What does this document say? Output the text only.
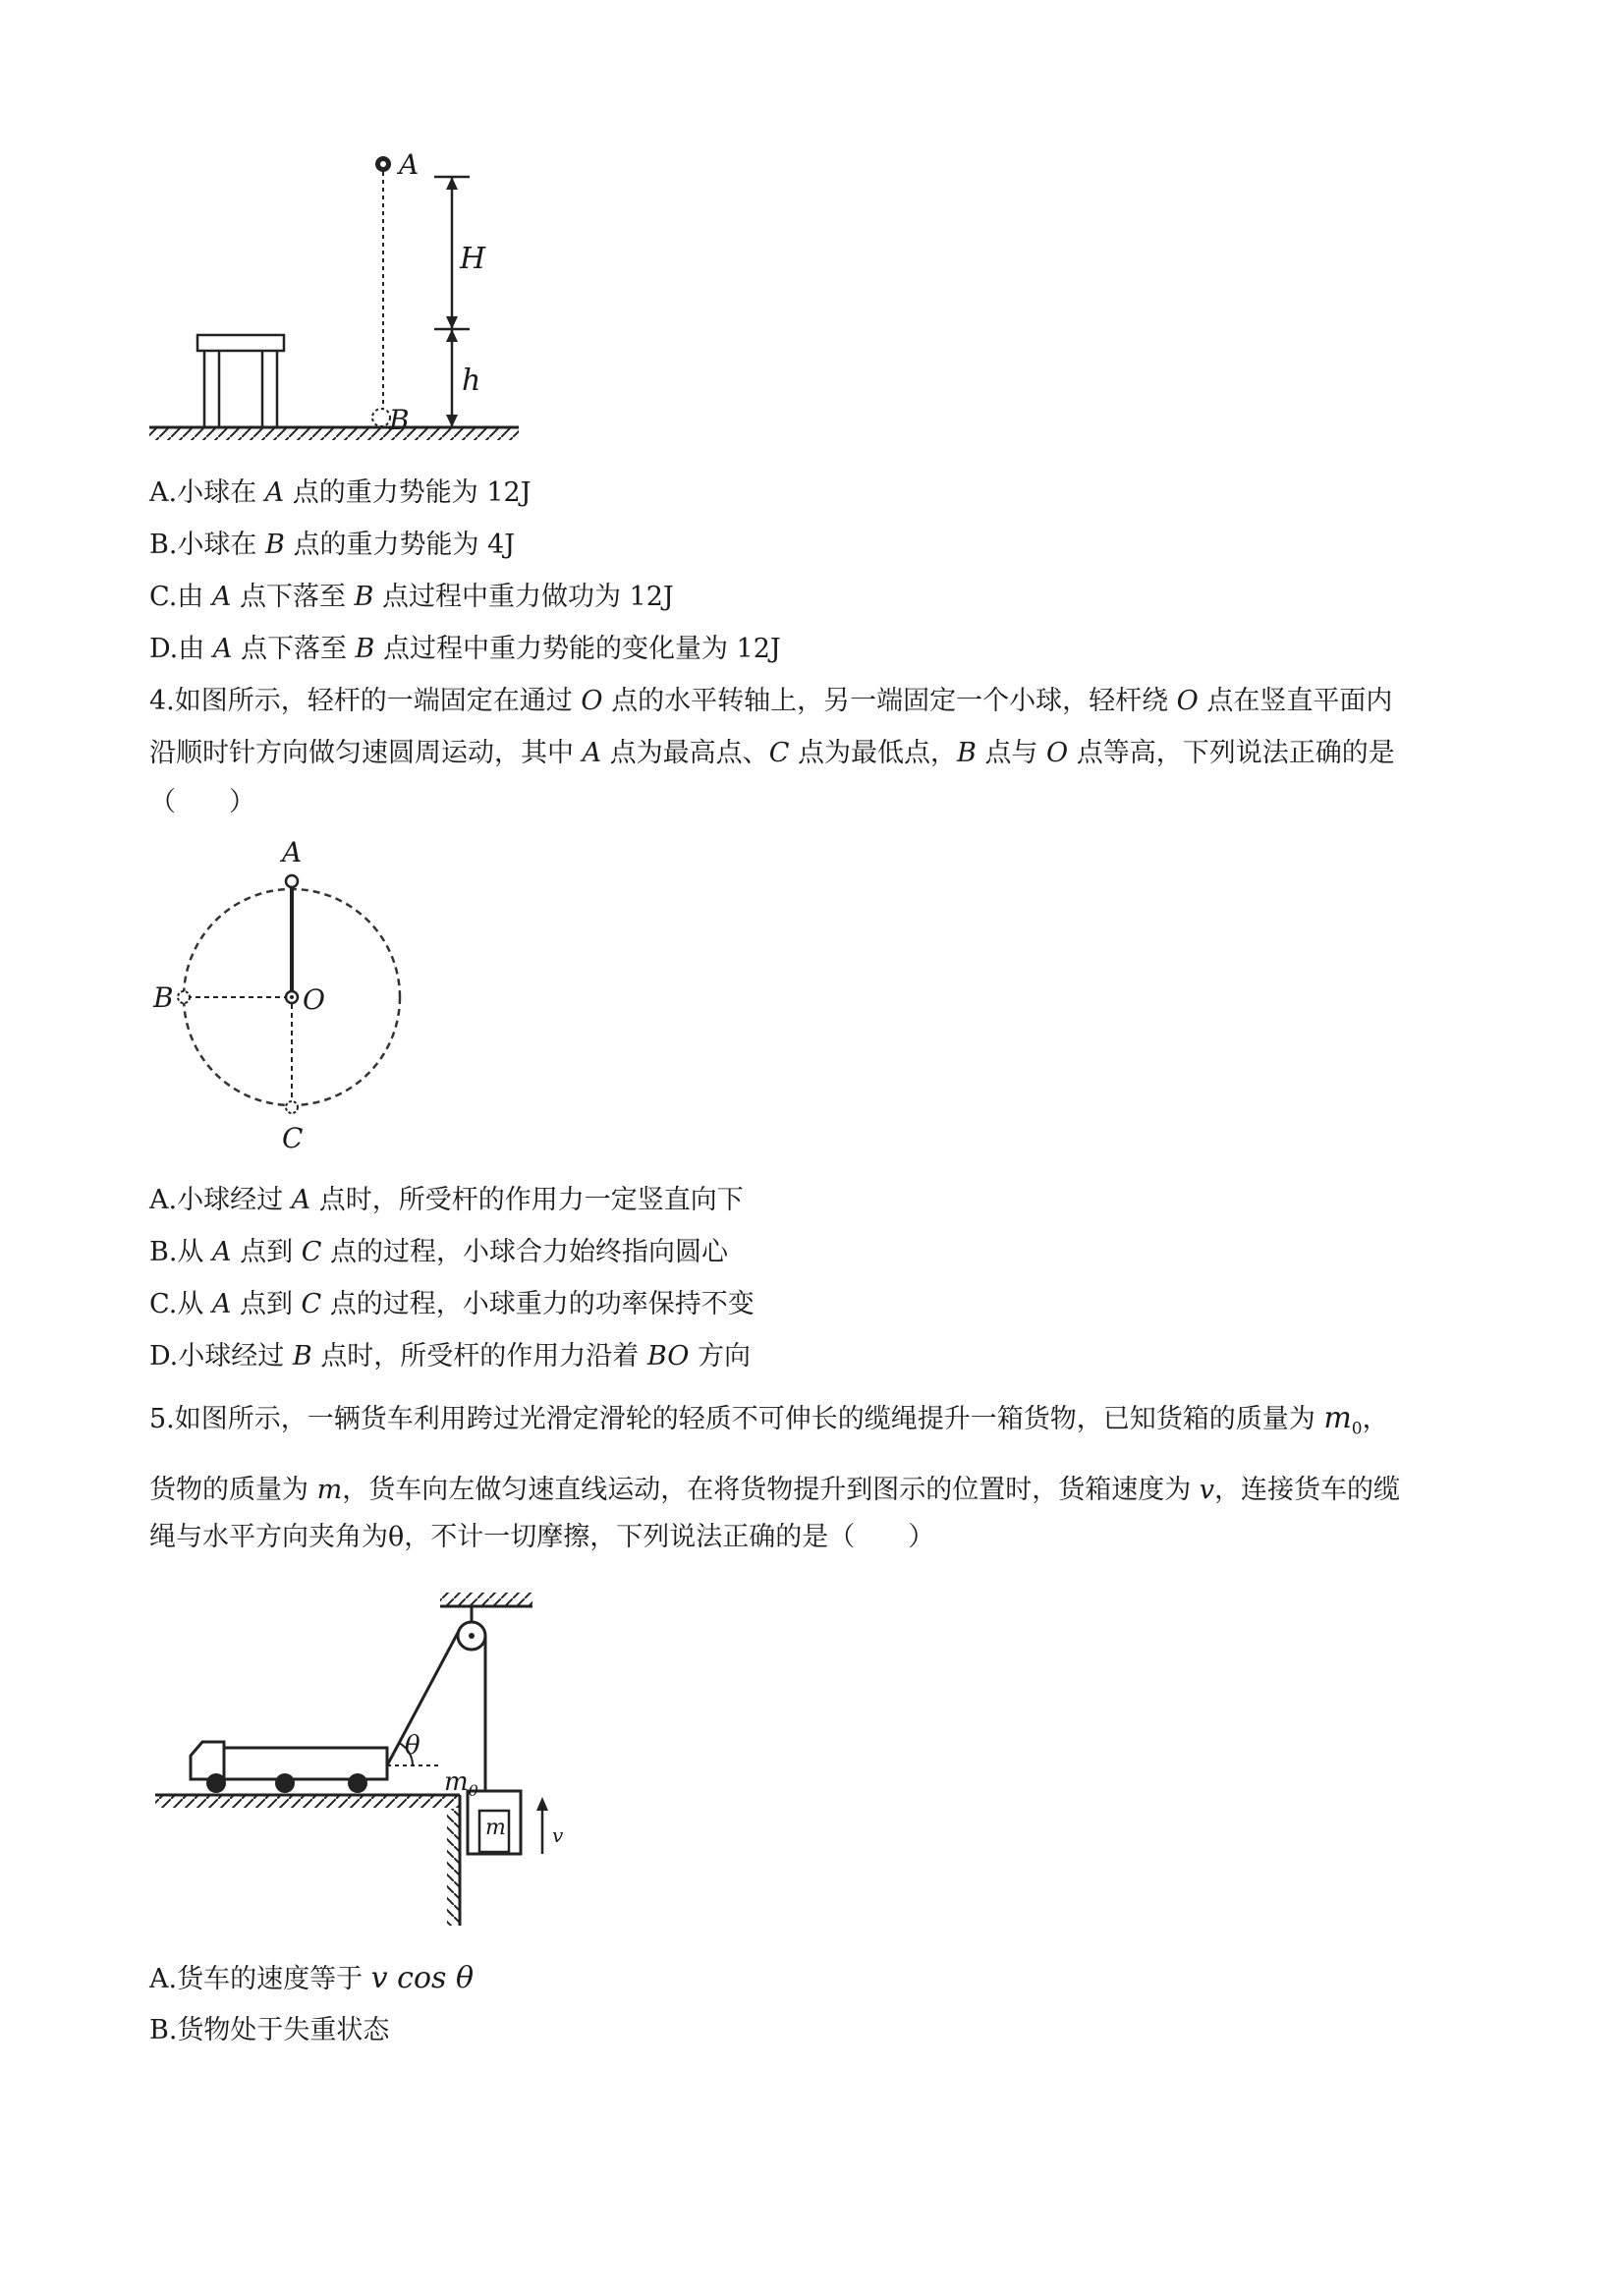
A
B
H
h
A.小球在 A 点的重力势能为 12J
B.小球在 B 点的重力势能为 4J
C.由 A 点下落至 B 点过程中重力做功为 12J
D.由 A 点下落至 B 点过程中重力势能的变化量为 12J
4.如图所示，轻杆的一端固定在通过 O 点的水平转轴上，另一端固定一个小球，轻杆绕 O 点在竖直平面内
沿顺时针方向做匀速圆周运动，其中 A 点为最高点、C 点为最低点，B 点与 O 点等高，下列说法正确的是
（　　）
A
B	O
C
A.小球经过 A 点时，所受杆的作用力一定竖直向下
B.从 A 点到 C 点的过程，小球合力始终指向圆心
C.从 A 点到 C 点的过程，小球重力的功率保持不变
D.小球经过 B 点时，所受杆的作用力沿着 BO 方向
5.如图所示，一辆货车利用跨过光滑定滑轮的轻质不可伸长的缆绳提升一箱货物，已知货箱的质量为 $m_0$，
货物的质量为 m，货车向左做匀速直线运动，在将货物提升到图示的位置时，货箱速度为 v，连接货车的缆
绳与水平方向夹角为θ，不计一切摩擦，下列说法正确的是（　　）
θ
$m_0$
m v
A.货车的速度等于 v cos θ
B.货物处于失重状态
